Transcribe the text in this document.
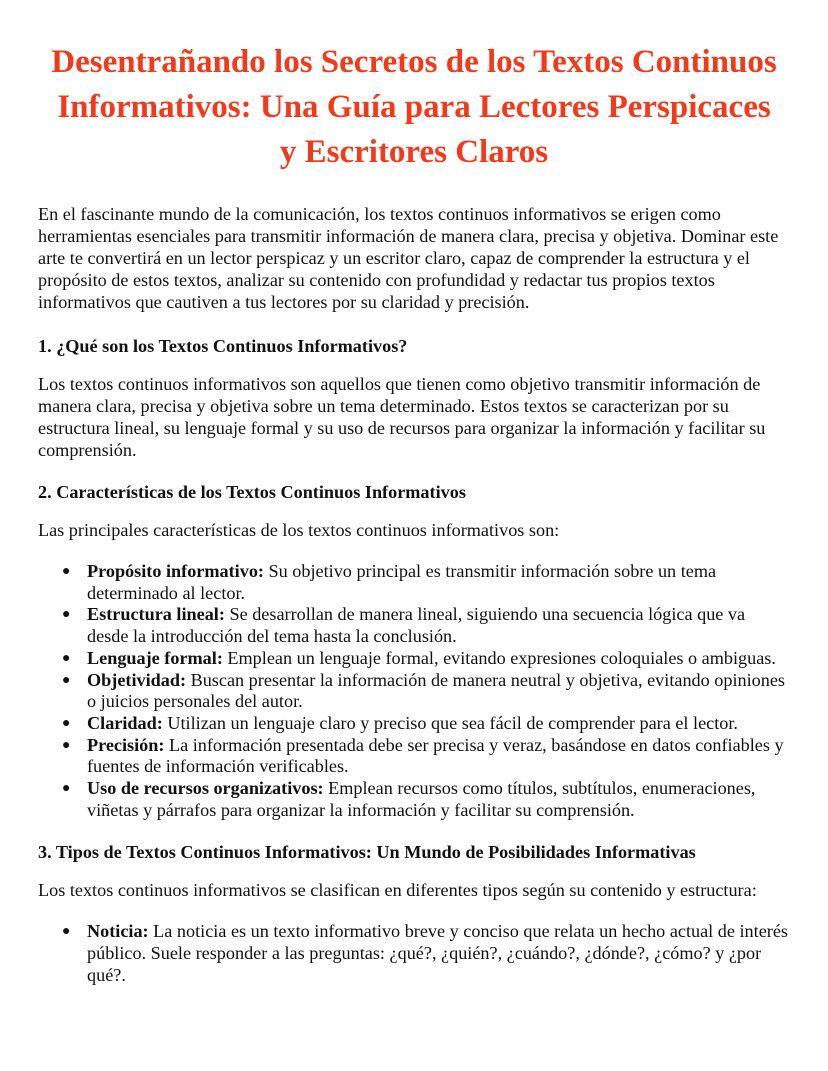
Desentrañando los Secretos de los Textos Continuos Informativos: Una Guía para Lectores Perspicaces y Escritores Claros

En el fascinante mundo de la comunicación, los textos continuos informativos se erigen como herramientas esenciales para transmitir información de manera clara, precisa y objetiva. Dominar este arte te convertirá en un lector perspicaz y un escritor claro, capaz de comprender la estructura y el propósito de estos textos, analizar su contenido con profundidad y redactar tus propios textos informativos que cautiven a tus lectores por su claridad y precisión.

1. ¿Qué son los Textos Continuos Informativos?

Los textos continuos informativos son aquellos que tienen como objetivo transmitir información de manera clara, precisa y objetiva sobre un tema determinado. Estos textos se caracterizan por su estructura lineal, su lenguaje formal y su uso de recursos para organizar la información y facilitar su comprensión.

2. Características de los Textos Continuos Informativos

Las principales características de los textos continuos informativos son:

● Propósito informativo: Su objetivo principal es transmitir información sobre un tema determinado al lector.
● Estructura lineal: Se desarrollan de manera lineal, siguiendo una secuencia lógica que va desde la introducción del tema hasta la conclusión.
● Lenguaje formal: Emplean un lenguaje formal, evitando expresiones coloquiales o ambiguas.
● Objetividad: Buscan presentar la información de manera neutral y objetiva, evitando opiniones o juicios personales del autor.
● Claridad: Utilizan un lenguaje claro y preciso que sea fácil de comprender para el lector.
● Precisión: La información presentada debe ser precisa y veraz, basándose en datos confiables y fuentes de información verificables.
● Uso de recursos organizativos: Emplean recursos como títulos, subtítulos, enumeraciones, viñetas y párrafos para organizar la información y facilitar su comprensión.
3. Tipos de Textos Continuos Informativos: Un Mundo de Posibilidades Informativas

Los textos continuos informativos se clasifican en diferentes tipos según su contenido y estructura:

● Noticia: La noticia es un texto informativo breve y conciso que relata un hecho actual de interés público. Suele responder a las preguntas: ¿qué?, ¿quién?, ¿cuándo?, ¿dónde?, ¿cómo? y ¿por qué?.
